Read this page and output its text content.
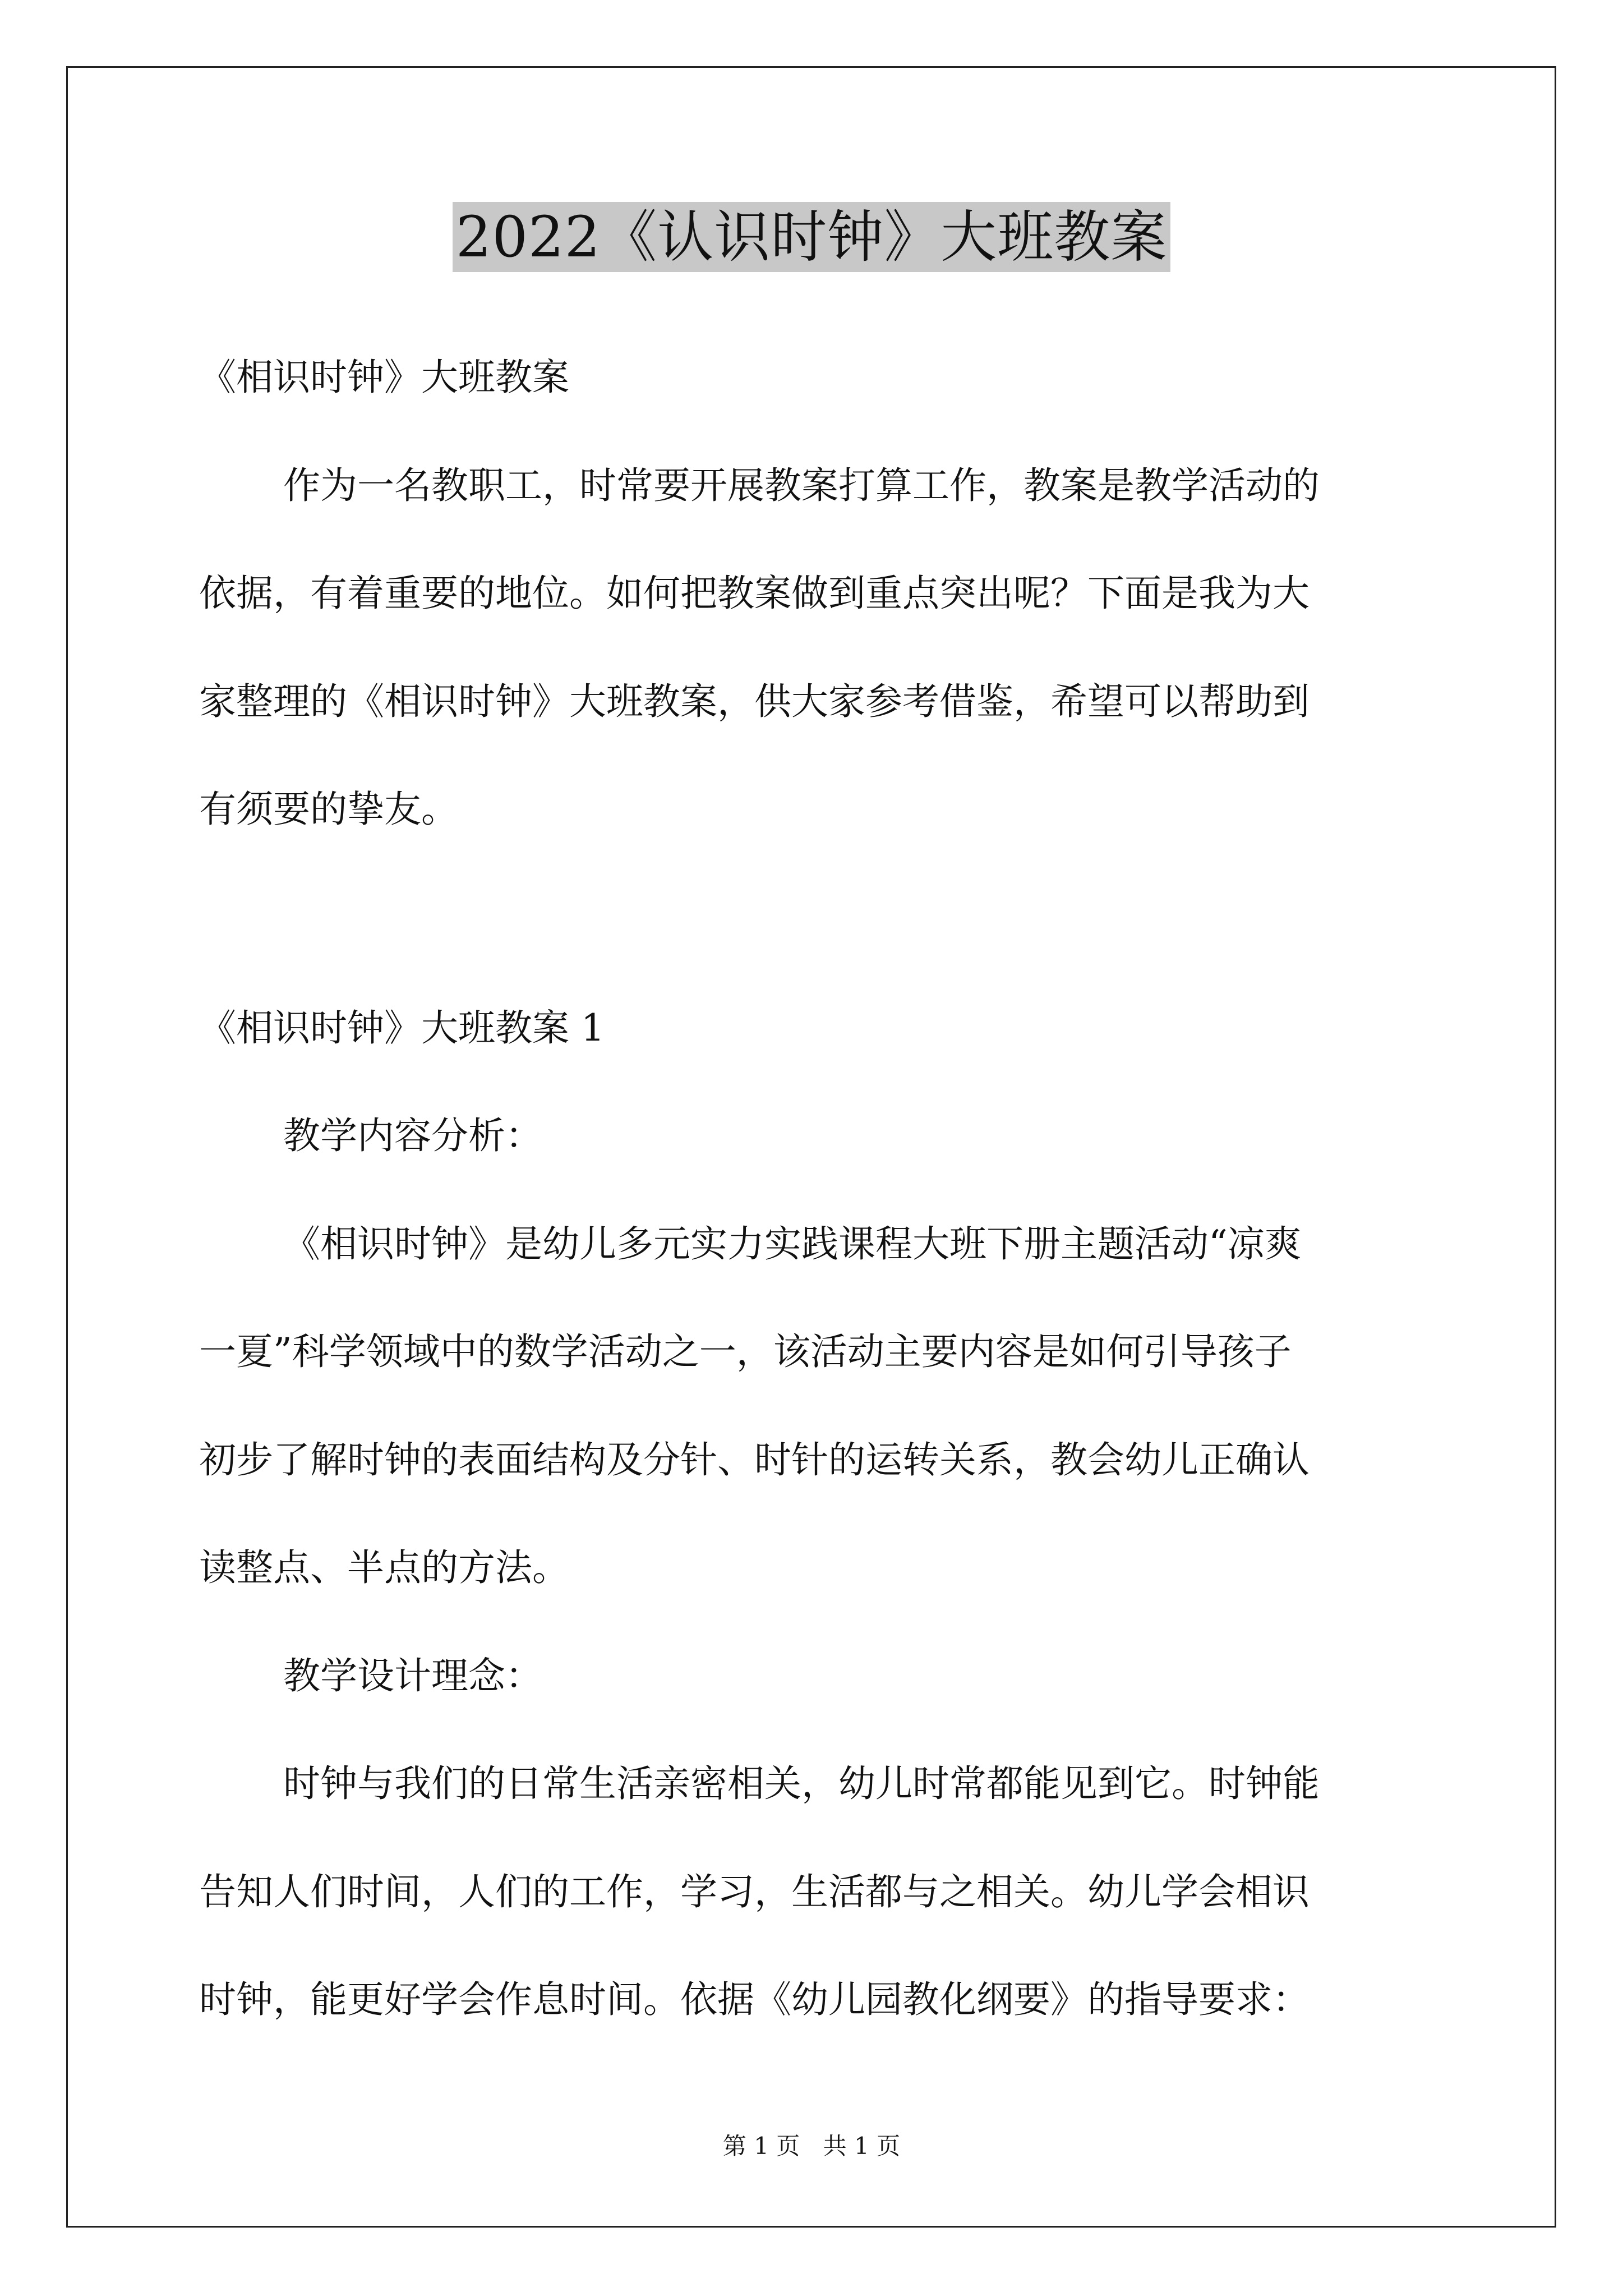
2022《认识时钟》大班教案
《相识时钟》大班教案
作为一名教职工，时常要开展教案打算工作，教案是教学活动的
依据，有着重要的地位。如何把教案做到重点突出呢？下面是我为大
家整理的《相识时钟》大班教案，供大家参考借鉴，希望可以帮助到
有须要的挚友。
《相识时钟》大班教案 1
教学内容分析：
《相识时钟》是幼儿多元实力实践课程大班下册主题活动“凉爽
一夏”科学领域中的数学活动之一，该活动主要内容是如何引导孩子
初步了解时钟的表面结构及分针、时针的运转关系，教会幼儿正确认
读整点、半点的方法。
教学设计理念：
时钟与我们的日常生活亲密相关，幼儿时常都能见到它。时钟能
告知人们时间，人们的工作，学习，生活都与之相关。幼儿学会相识
时钟，能更好学会作息时间。依据《幼儿园教化纲要》的指导要求：
第 1 页 共 1 页
